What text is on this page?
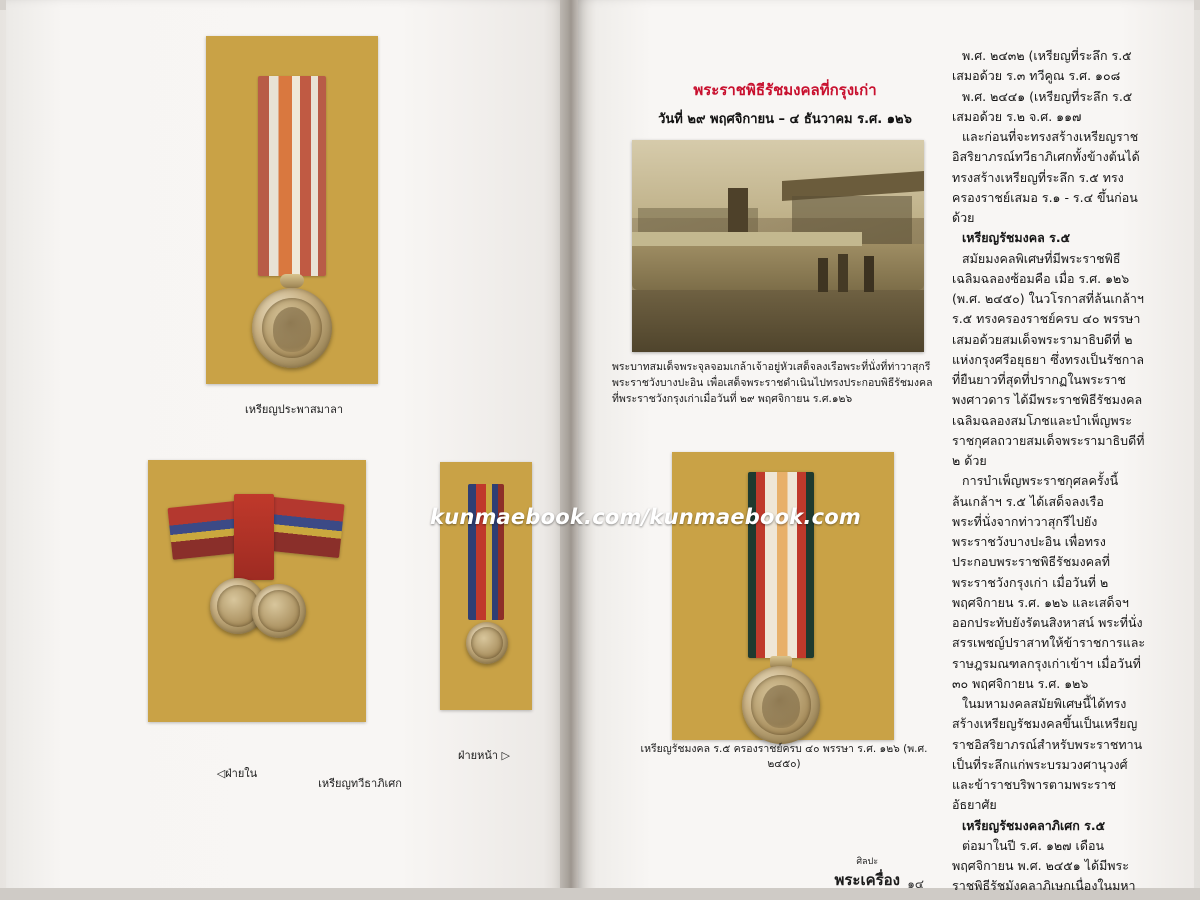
เหรียญประพาสมาลา
◁ฝ่ายใน
เหรียญทวีธาภิเศก
ฝ่ายหน้า ▷
พระราชพิธีรัชมงคลที่กรุงเก่า
วันที่ ๒๙ พฤศจิกายน – ๔ ธันวาคม ร.ศ. ๑๒๖
พระบาทสมเด็จพระจุลจอมเกล้าเจ้าอยู่หัวเสด็จลงเรือพระที่นั่งที่ท่าวาสุกรี พระราชวังบางปะอิน เพื่อเสด็จพระราชดำเนินไปทรงประกอบพิธีรัชมงคล ที่พระราชวังกรุงเก่าเมื่อวันที่ ๒๙ พฤศจิกายน ร.ศ.๑๒๖
เหรียญรัชมงคล ร.๕ ครองราชย์ครบ ๔๐ พรรษา ร.ศ. ๑๒๖ (พ.ศ. ๒๔๕๐)

พ.ศ. ๒๔๓๒ (เหรียญที่ระลึก ร.๕ เสมอด้วย ร.๓ ทวีคูณ ร.ศ. ๑๐๘

พ.ศ. ๒๔๔๑ (เหรียญที่ระลึก ร.๕ เสมอด้วย ร.๒ จ.ศ. ๑๑๗

และก่อนที่จะทรงสร้างเหรียญราชอิสริยาภรณ์ทวีธาภิเศกทั้งข้างต้นได้ทรงสร้างเหรียญที่ระลึก ร.๕ ทรงครองราชย์เสมอ ร.๑ - ร.๔ ขึ้นก่อนด้วย

เหรียญรัชมงคล ร.๕

สมัยมงคลพิเศษที่มีพระราชพิธีเฉลิมฉลองซ้อมคือ เมื่อ ร.ศ. ๑๒๖ (พ.ศ. ๒๔๕๐) ในวโรกาสที่ล้นเกล้าฯ ร.๕ ทรงครองราชย์ครบ ๔๐ พรรษาเสมอด้วยสมเด็จพระรามาธิบดีที่ ๒ แห่งกรุงศรีอยุธยา ซึ่งทรงเป็นรัชกาลที่ยืนยาวที่สุดที่ปรากฏในพระราชพงศาวดาร ได้มีพระราชพิธีรัชมงคลเฉลิมฉลองสมโภชและบำเพ็ญพระราชกุศลถวายสมเด็จพระรามาธิบดีที่ ๒ ด้วย

การบำเพ็ญพระราชกุศลครั้งนี้ ล้นเกล้าฯ ร.๕ ได้เสด็จลงเรือพระที่นั่งจากท่าวาสุกรีไปยังพระราชวังบางปะอิน เพื่อทรงประกอบพระราชพิธีรัชมงคลที่พระราชวังกรุงเก่า เมื่อวันที่ ๒ พฤศจิกายน ร.ศ. ๑๒๖ และเสด็จฯ ออกประทับยังรัตนสิงหาสน์ พระที่นั่งสรรเพชญ์ปราสาทให้ข้าราชการและราษฎรมณฑลกรุงเก่าเข้าฯ เมื่อวันที่ ๓๐ พฤศจิกายน ร.ศ. ๑๒๖

ในมหามงคลสมัยพิเศษนี้ได้ทรงสร้างเหรียญรัชมงคลขึ้นเป็นเหรียญราชอิสริยาภรณ์สำหรับพระราชทานเป็นที่ระลึกแก่พระบรมวงศานุวงศ์และข้าราชบริพารตามพระราชอัธยาศัย

เหรียญรัชมงคลาภิเศก ร.๕

ต่อมาในปี ร.ศ. ๑๒๗ เดือนพฤศจิกายน พ.ศ. ๒๔๕๑ ได้มีพระราชพิธีรัชมังคลาภิเษกเนื่องในมหา

kunmaebook.com/kunmaebook.com
ศิลปะ
พระเครื่อง ๑๔
